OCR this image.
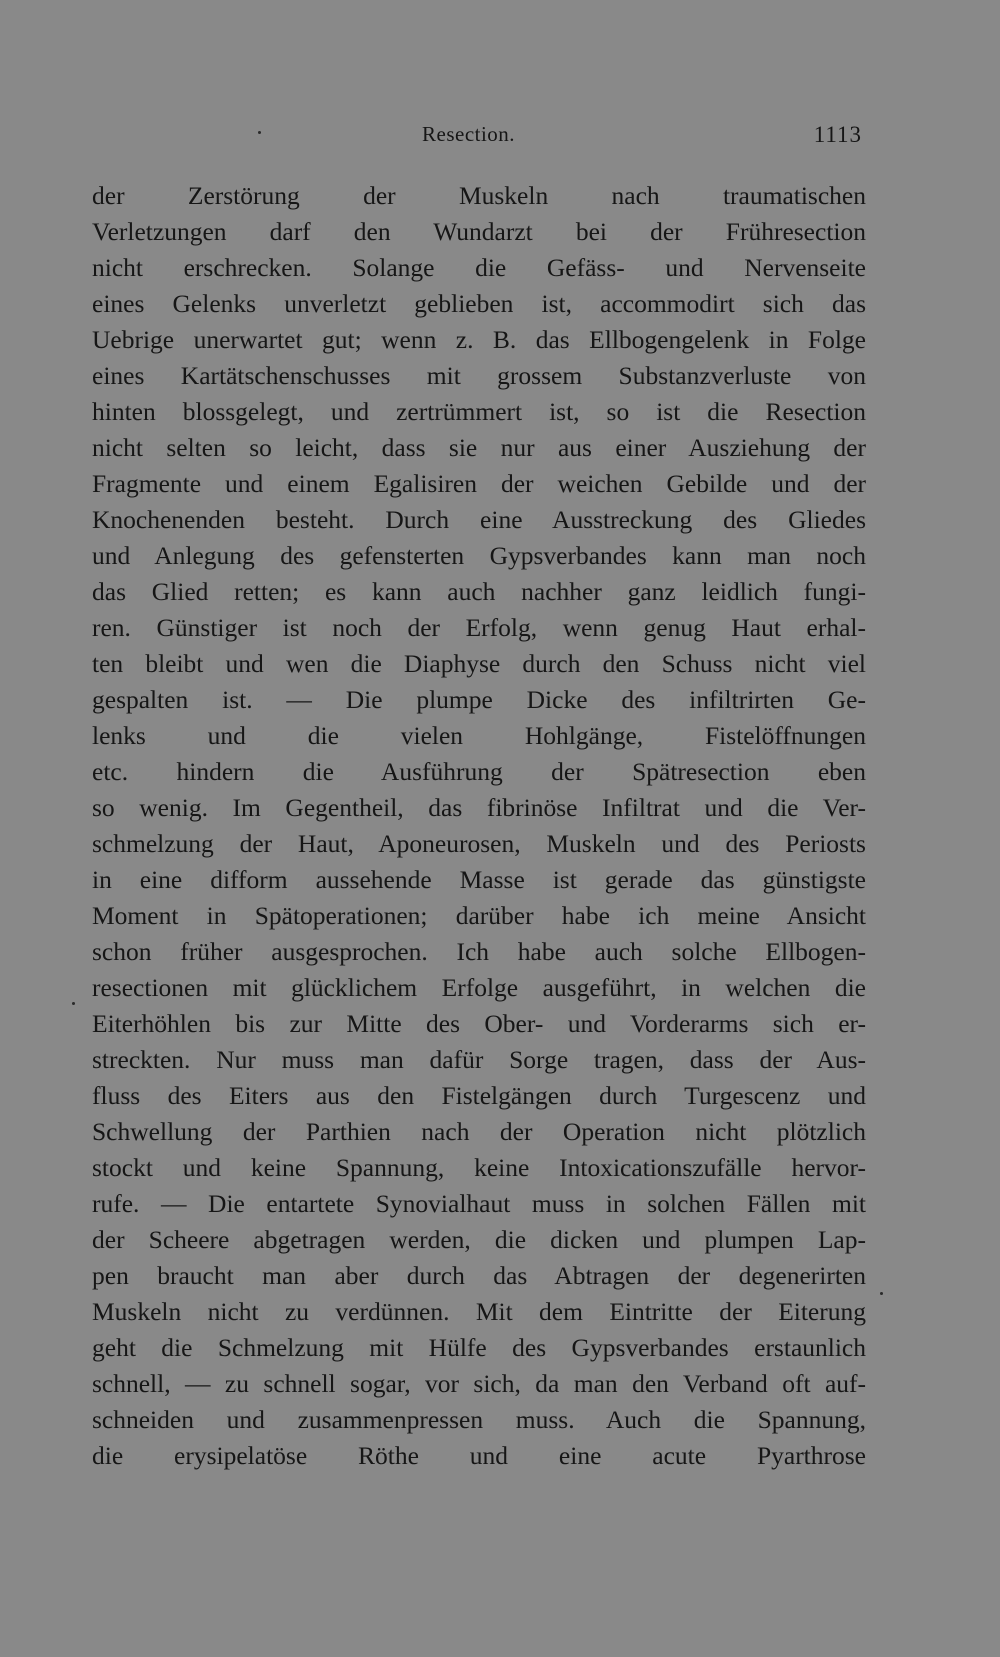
Resection.	1113
der Zerstörung der Muskeln nach traumatischen
Verletzungen darf den Wundarzt bei der Frühresection
nicht erschrecken. Solange die Gefäss- und Nervenseite
eines Gelenks unverletzt geblieben ist, accommodirt sich das
Uebrige unerwartet gut; wenn z. B. das Ellbogengelenk in Folge
eines Kartätschenschusses mit grossem Substanzverluste von
hinten blossgelegt, und zertrümmert ist, so ist die Resection
nicht selten so leicht, dass sie nur aus einer Ausziehung der
Fragmente und einem Egalisiren der weichen Gebilde und der
Knochenenden besteht. Durch eine Ausstreckung des Gliedes
und Anlegung des gefensterten Gypsverbandes kann man noch
das Glied retten; es kann auch nachher ganz leidlich fungi-
ren. Günstiger ist noch der Erfolg, wenn genug Haut erhal-
ten bleibt und wen die Diaphyse durch den Schuss nicht viel
gespalten ist. — Die plumpe Dicke des infiltrirten Ge-
lenks und die vielen Hohlgänge, Fistelöffnungen
etc. hindern die Ausführung der Spätresection eben
so wenig. Im Gegentheil, das fibrinöse Infiltrat und die Ver-
schmelzung der Haut, Aponeurosen, Muskeln und des Periosts
in eine difform aussehende Masse ist gerade das günstigste
Moment in Spätoperationen; darüber habe ich meine Ansicht
schon früher ausgesprochen. Ich habe auch solche Ellbogen-
resectionen mit glücklichem Erfolge ausgeführt, in welchen die
Eiterhöhlen bis zur Mitte des Ober- und Vorderarms sich er-
streckten. Nur muss man dafür Sorge tragen, dass der Aus-
fluss des Eiters aus den Fistelgängen durch Turgescenz und
Schwellung der Parthien nach der Operation nicht plötzlich
stockt und keine Spannung, keine Intoxicationszufälle hervor-
rufe. — Die entartete Synovialhaut muss in solchen Fällen mit
der Scheere abgetragen werden, die dicken und plumpen Lap-
pen braucht man aber durch das Abtragen der degenerirten
Muskeln nicht zu verdünnen. Mit dem Eintritte der Eiterung
geht die Schmelzung mit Hülfe des Gypsverbandes erstaunlich
schnell, — zu schnell sogar, vor sich, da man den Verband oft auf-
schneiden und zusammenpressen muss. Auch die Spannung,
die erysipelatöse Röthe und eine acute Pyarthrose
